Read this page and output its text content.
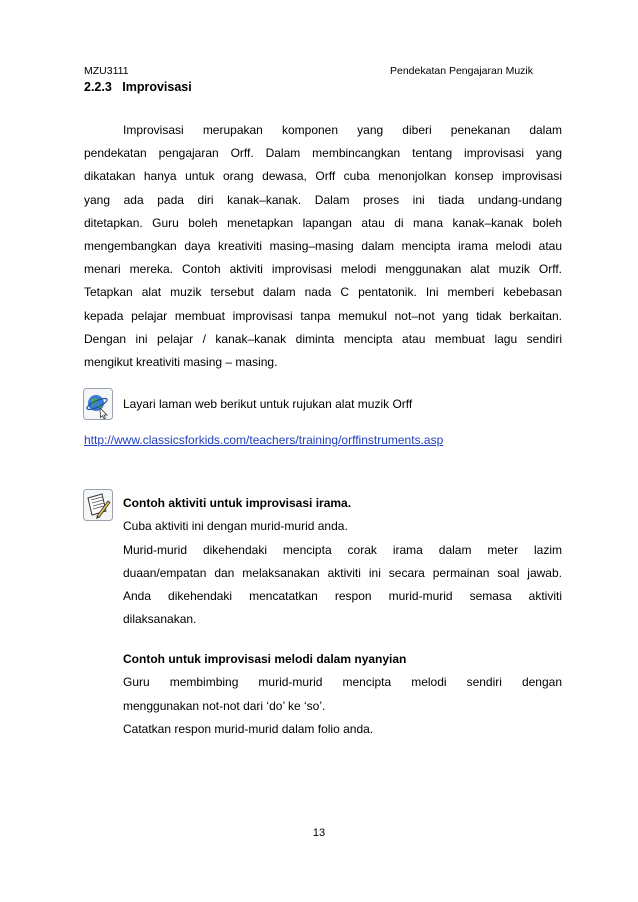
MZU3111	Pendekatan Pengajaran Muzik
2.2.3 Improvisasi
Improvisasi merupakan komponen yang diberi penekanan dalam
pendekatan pengajaran Orff. Dalam membincangkan tentang improvisasi yang
dikatakan hanya untuk orang dewasa, Orff cuba menonjolkan konsep improvisasi
yang ada pada diri kanak–kanak. Dalam proses ini tiada undang-undang
ditetapkan. Guru boleh menetapkan lapangan atau di mana kanak–kanak boleh
mengembangkan daya kreativiti masing–masing dalam mencipta irama melodi atau
menari mereka. Contoh aktiviti improvisasi melodi menggunakan alat muzik Orff.
Tetapkan alat muzik tersebut dalam nada C pentatonik. Ini memberi kebebasan
kepada pelajar membuat improvisasi tanpa memukul not–not yang tidak berkaitan.
Dengan ini pelajar / kanak–kanak diminta mencipta atau membuat lagu sendiri
mengikut kreativiti masing – masing.
Layari laman web berikut untuk rujukan alat muzik Orff
http://www.classicsforkids.com/teachers/training/orffinstruments.asp
Contoh aktiviti untuk improvisasi irama.
Cuba aktiviti ini dengan murid-murid anda.
Murid-murid dikehendaki mencipta corak irama dalam meter lazim
duaan/empatan dan melaksanakan aktiviti ini secara permainan soal jawab.
Anda dikehendaki mencatatkan respon murid-murid semasa aktiviti
dilaksanakan.
Contoh untuk improvisasi melodi dalam nyanyian
Guru membimbing murid-murid mencipta melodi sendiri dengan
menggunakan not-not dari ‘do’ ke ‘so’.
Catatkan respon murid-murid dalam folio anda.
13
